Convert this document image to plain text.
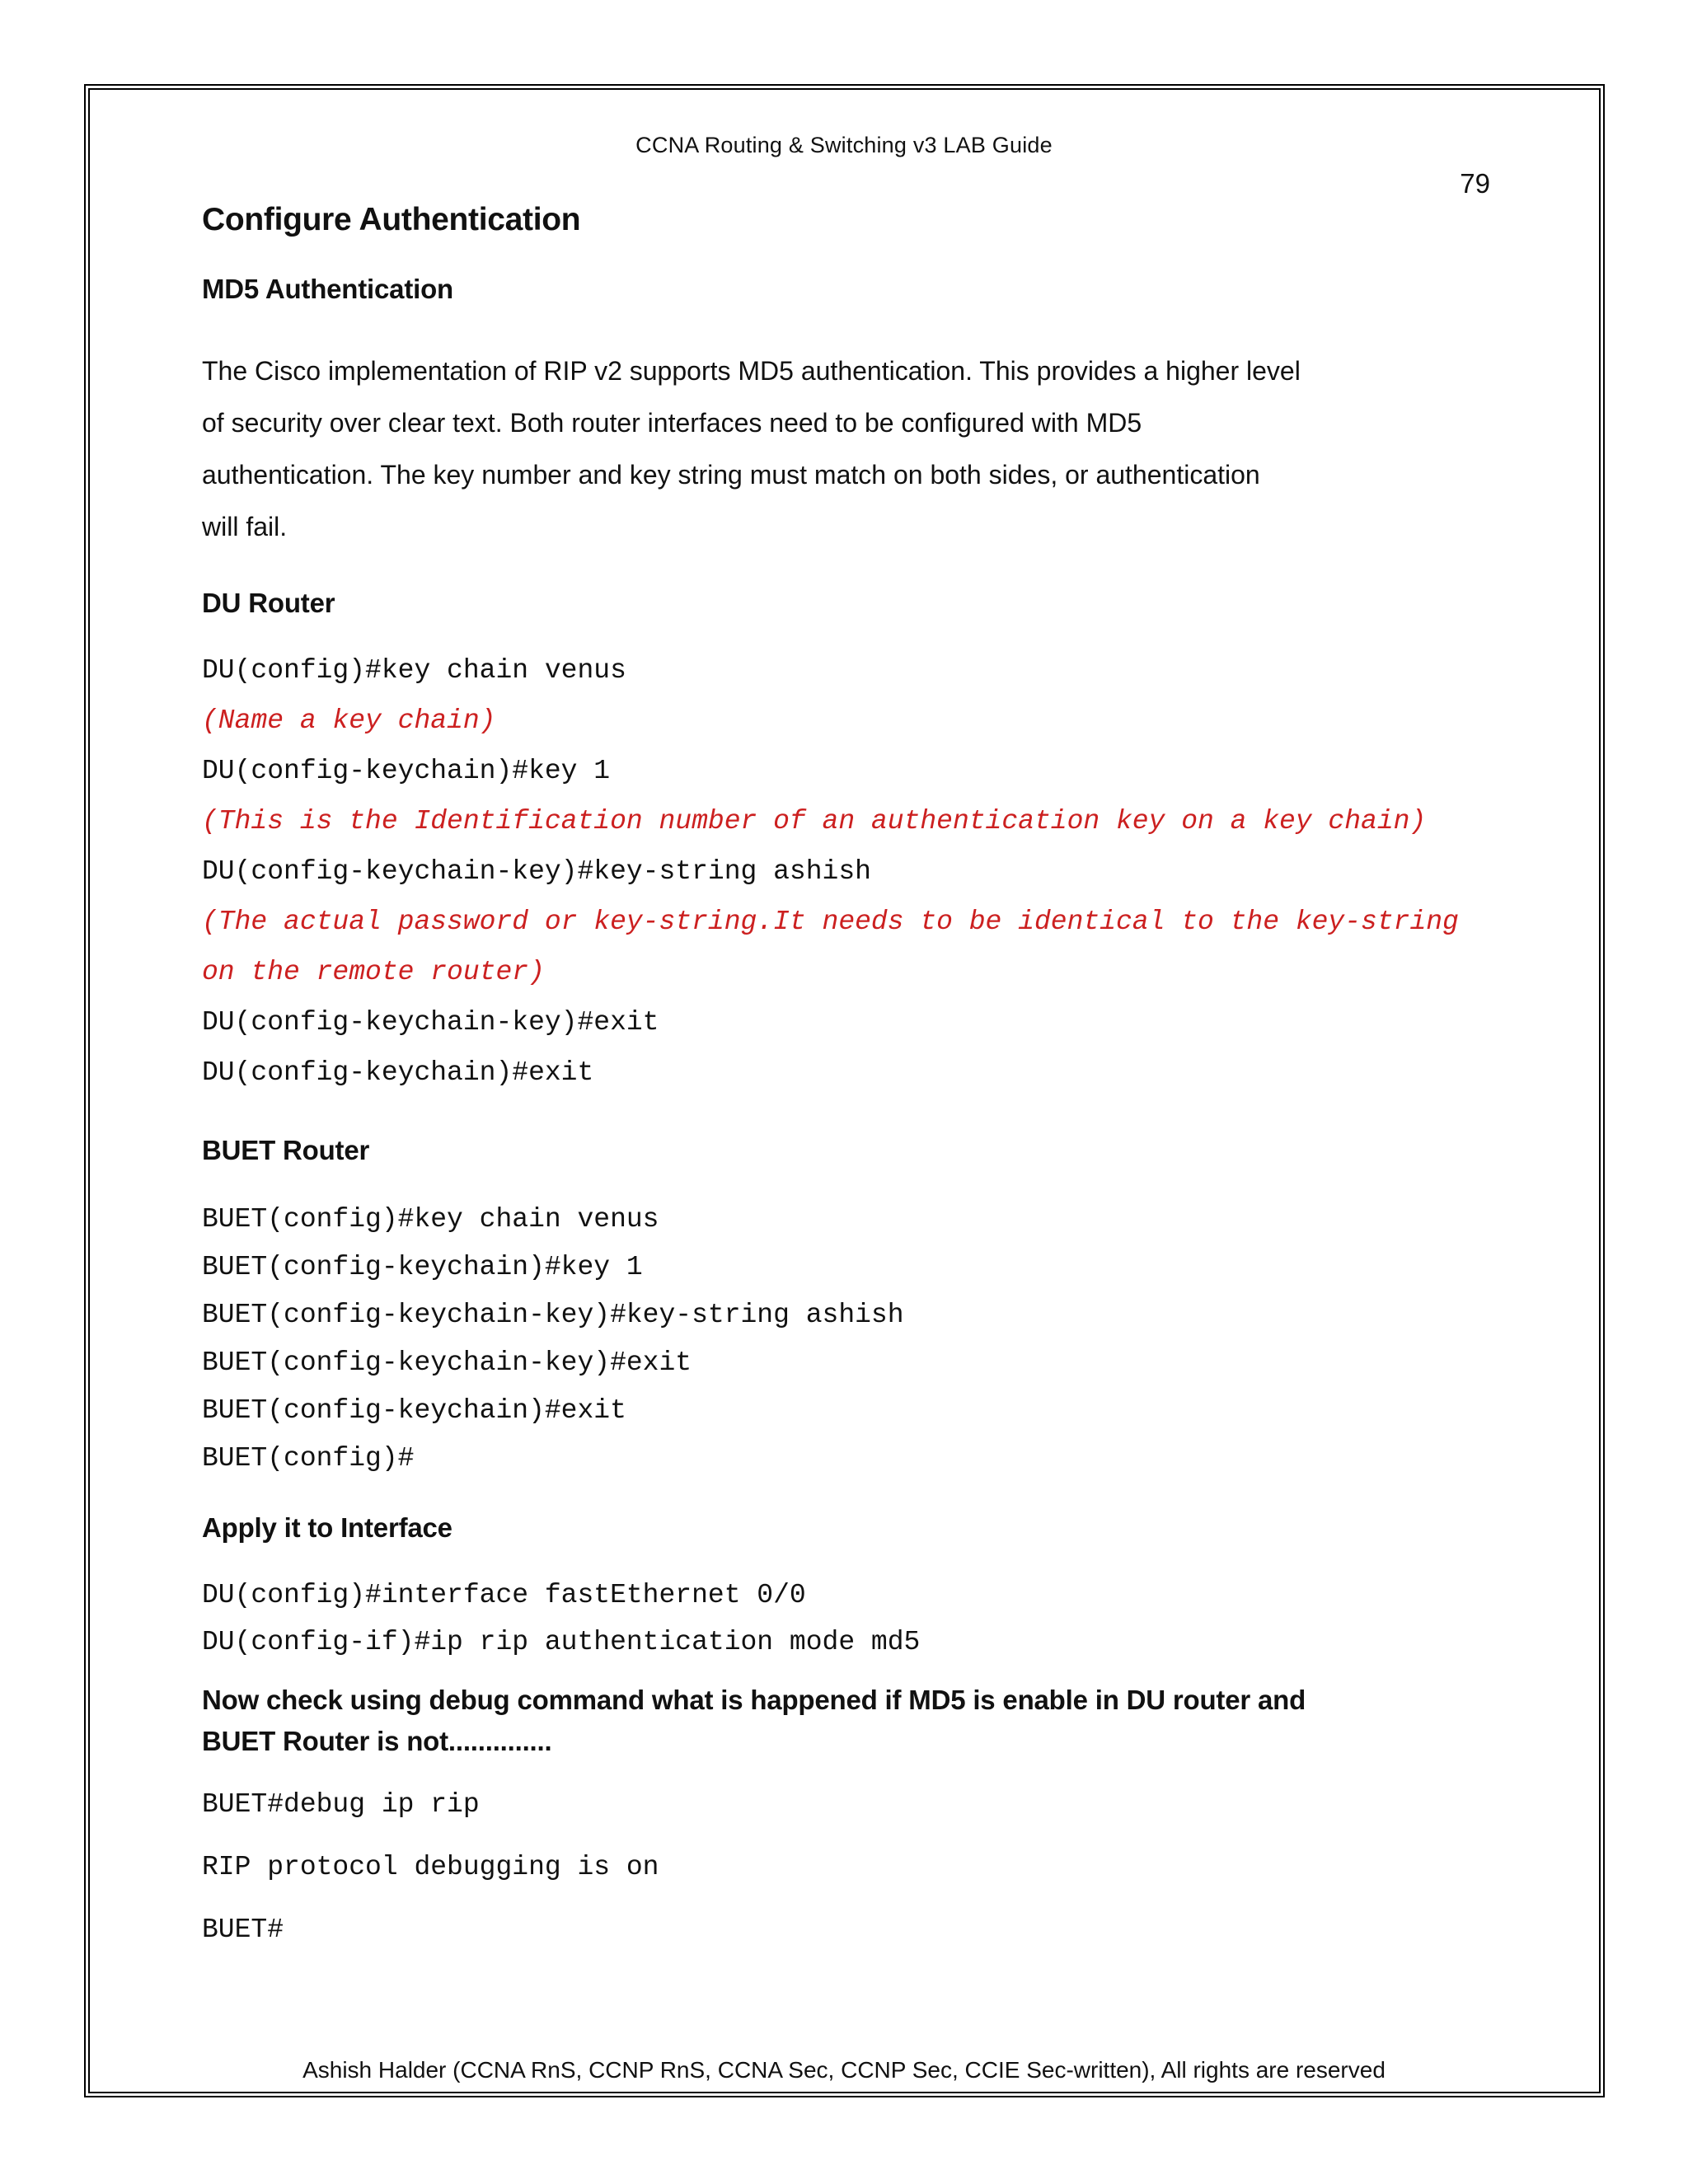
CCNA Routing & Switching v3 LAB Guide
79
Configure Authentication
MD5 Authentication
The Cisco implementation of RIP v2 supports MD5 authentication. This provides a higher level
of security over clear text. Both router interfaces need to be configured with MD5
authentication. The key number and key string must match on both sides, or authentication
will fail.
DU Router
DU(config)#key chain venus
(Name a key chain)
DU(config-keychain)#key 1
(This is the Identification number of an authentication key on a key chain)
DU(config-keychain-key)#key-string ashish
(The actual password or key-string.It needs to be identical to the key-string on the remote router)
DU(config-keychain-key)#exit
DU(config-keychain)#exit
BUET Router
BUET(config)#key chain venus
BUET(config-keychain)#key 1
BUET(config-keychain-key)#key-string ashish
BUET(config-keychain-key)#exit
BUET(config-keychain)#exit
BUET(config)#
Apply it to Interface
DU(config)#interface fastEthernet 0/0
DU(config-if)#ip rip authentication mode md5
Now check using debug command what is happened if MD5 is enable in DU router and
BUET Router is not..............
BUET#debug ip rip
RIP protocol debugging is on
BUET#
Ashish Halder (CCNA RnS, CCNP RnS, CCNA Sec, CCNP Sec, CCIE Sec-written), All rights are reserved
